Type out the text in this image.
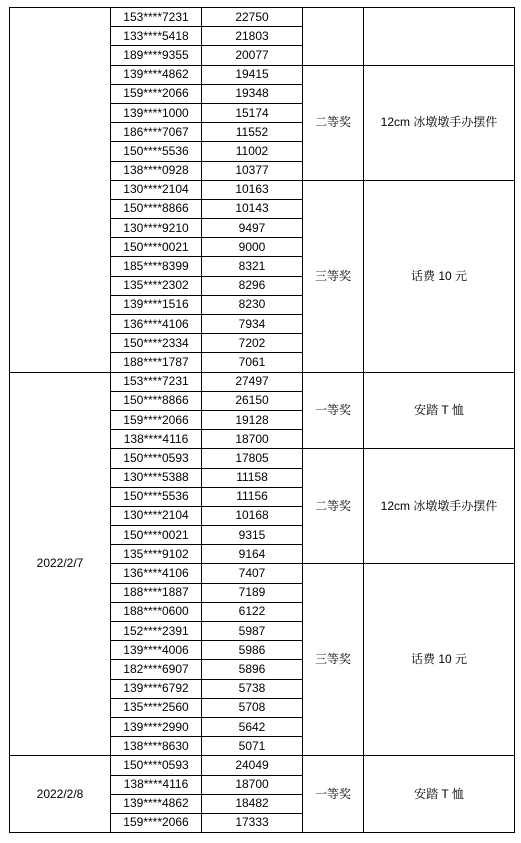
	153****7231	22750		
	133****5418	21803		
	189****9355	20077		
	139****4862	19415	二等奖	12cm 冰墩墩手办摆件
	159****2066	19348		
	139****1000	15174		
	186****7067	11552		
	150****5536	11002		
	138****0928	10377		
	130****2104	10163	三等奖	话费 10 元
	150****8866	10143		
	130****9210	9497		
	150****0021	9000		
	185****8399	8321		
	135****2302	8296		
	139****1516	8230		
	136****4106	7934		
	150****2334	7202		
	188****1787	7061		
2022/2/7	153****7231	27497	一等奖	安踏 T 恤
	150****8866	26150		
	159****2066	19128		
	138****4116	18700		
	150****0593	17805	二等奖	12cm 冰墩墩手办摆件
	130****5388	11158		
	150****5536	11156		
	130****2104	10168		
	150****0021	9315		
	135****9102	9164		
	136****4106	7407	三等奖	话费 10 元
	188****1887	7189		
	188****0600	6122		
	152****2391	5987		
	139****4006	5986		
	182****6907	5896		
	139****6792	5738		
	135****2560	5708		
	139****2990	5642		
	138****8630	5071		
2022/2/8	150****0593	24049	一等奖	安踏 T 恤
	138****4116	18700		
	139****4862	18482		
	159****2066	17333		
